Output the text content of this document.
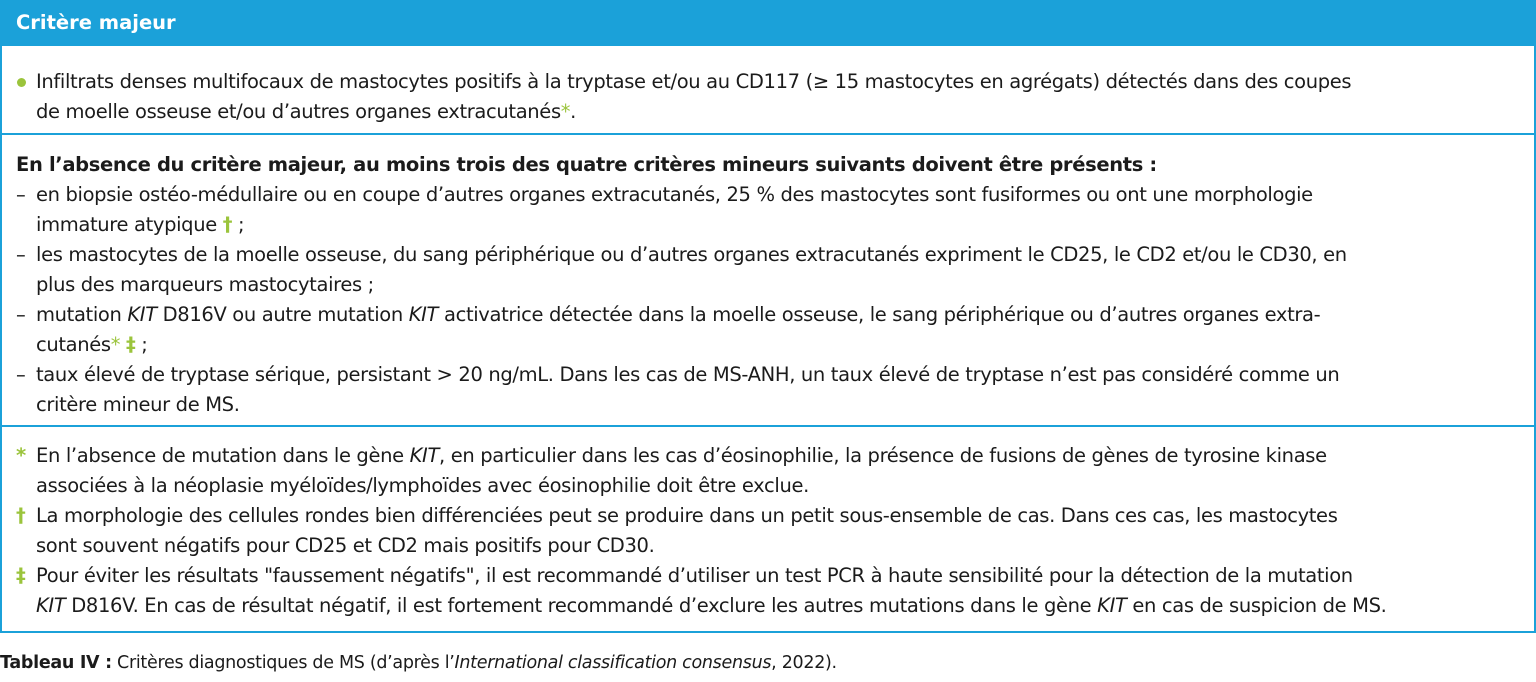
Critère majeur
Infiltrats denses multifocaux de mastocytes positifs à la tryptase et/ou au CD117 (≥ 15 mastocytes en agrégats) détectés dans des coupes
de moelle osseuse et/ou d’autres organes extracutanés*.
En l’absence du critère majeur, au moins trois des quatre critères mineurs suivants doivent être présents :
– en biopsie ostéo-médullaire ou en coupe d’autres organes extracutanés, 25 % des mastocytes sont fusiformes ou ont une morphologie
immature atypique † ;
– les mastocytes de la moelle osseuse, du sang périphérique ou d’autres organes extracutanés expriment le CD25, le CD2 et/ou le CD30, en
plus des marqueurs mastocytaires ;
– mutation KIT D816V ou autre mutation KIT activatrice détectée dans la moelle osseuse, le sang périphérique ou d’autres organes extra-
cutanés* ‡ ;
– taux élevé de tryptase sérique, persistant > 20 ng/mL. Dans les cas de MS-ANH, un taux élevé de tryptase n’est pas considéré comme un
critère mineur de MS.
* En l’absence de mutation dans le gène KIT, en particulier dans les cas d’éosinophilie, la présence de fusions de gènes de tyrosine kinase
associées à la néoplasie myéloïdes/lymphoïdes avec éosinophilie doit être exclue.
† La morphologie des cellules rondes bien différenciées peut se produire dans un petit sous-ensemble de cas. Dans ces cas, les mastocytes
sont souvent négatifs pour CD25 et CD2 mais positifs pour CD30.
‡ Pour éviter les résultats "faussement négatifs", il est recommandé d’utiliser un test PCR à haute sensibilité pour la détection de la mutation
KIT D816V. En cas de résultat négatif, il est fortement recommandé d’exclure les autres mutations dans le gène KIT en cas de suspicion de MS.
Tableau IV : Critères diagnostiques de MS (d’après l’International classification consensus, 2022).
